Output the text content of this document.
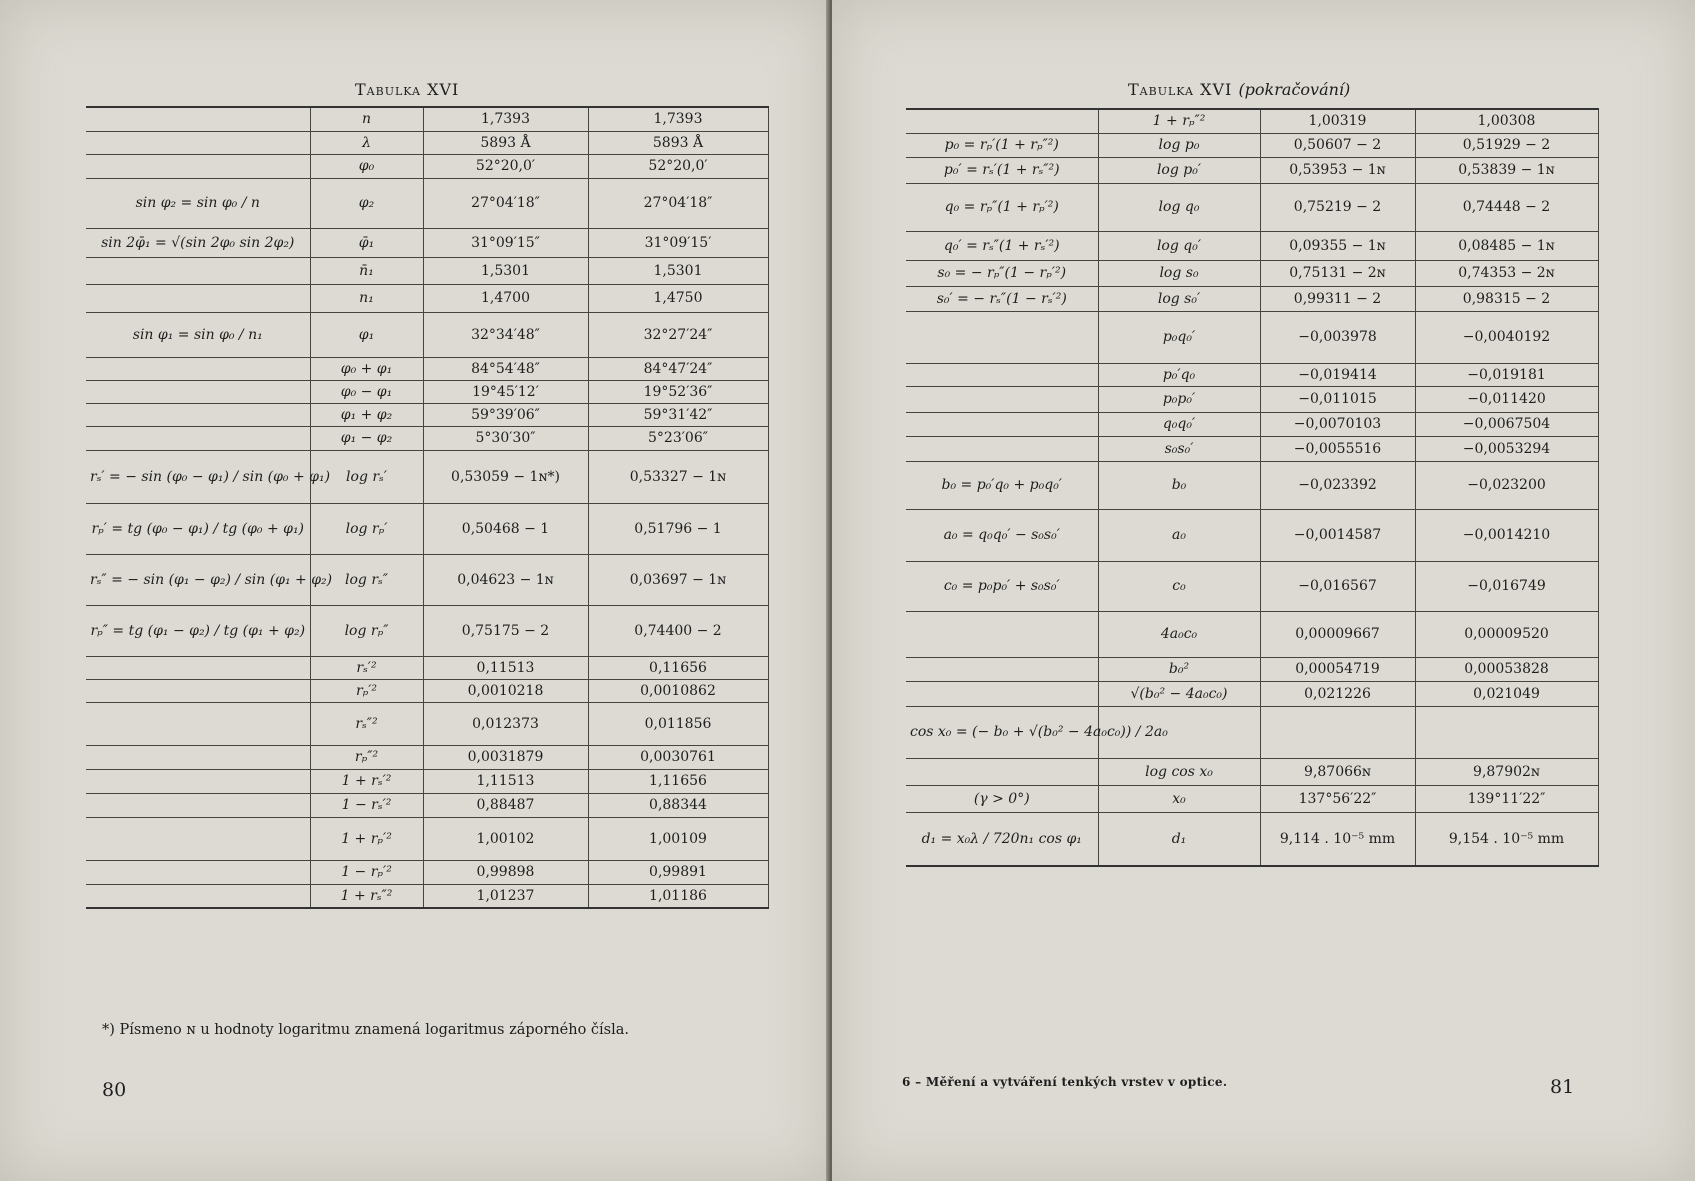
Tabulka XVI
	n	1,7393	1,7393
	λ	5893 Å	5893 Å
	φ₀	52°20,0′	52°20,0′
sin φ₂ = sin φ₀ / n	φ₂	27°04′18″	27°04′18″
sin 2φ̄₁ = √(sin 2φ₀ sin 2φ₂)	φ̄₁	31°09′15″	31°09′15′
	n̄₁	1,5301	1,5301
	n₁	1,4700	1,4750
sin φ₁ = sin φ₀ / n₁	φ₁	32°34′48″	32°27′24″
	φ₀ + φ₁	84°54′48″	84°47′24″
	φ₀ − φ₁	19°45′12′	19°52′36″
	φ₁ + φ₂	59°39′06″	59°31′42″
	φ₁ − φ₂	5°30′30″	5°23′06″
rₛ′ = − sin (φ₀ − φ₁) / sin (φ₀ + φ₁)	log rₛ′	0,53059 − 1ɴ*)	0,53327 − 1ɴ
rₚ′ = tg (φ₀ − φ₁) / tg (φ₀ + φ₁)	log rₚ′	0,50468 − 1	0,51796 − 1
rₛ″ = − sin (φ₁ − φ₂) / sin (φ₁ + φ₂)	log rₛ″	0,04623 − 1ɴ	0,03697 − 1ɴ
rₚ″ = tg (φ₁ − φ₂) / tg (φ₁ + φ₂)	log rₚ″	0,75175 − 2	0,74400 − 2
	rₛ′²	0,11513	0,11656
	rₚ′²	0,0010218	0,0010862
	rₛ″²	0,012373	0,011856
	rₚ″²	0,0031879	0,0030761
	1 + rₛ′²	1,11513	1,11656
	1 − rₛ′²	0,88487	0,88344
	1 + rₚ′²	1,00102	1,00109
	1 − rₚ′²	0,99898	0,99891
	1 + rₛ″²	1,01237	1,01186
*) Písmeno ɴ u hodnoty logaritmu znamená logaritmus záporného čísla.
80
Tabulka XVI (pokračování)
	1 + rₚ″²	1,00319	1,00308
p₀ = rₚ′(1 + rₚ″²)	log p₀	0,50607 − 2	0,51929 − 2
p₀′ = rₛ′(1 + rₛ″²)	log p₀′	0,53953 − 1ɴ	0,53839 − 1ɴ
q₀ = rₚ″(1 + rₚ′²)	log q₀	0,75219 − 2	0,74448 − 2
q₀′ = rₛ″(1 + rₛ′²)	log q₀′	0,09355 − 1ɴ	0,08485 − 1ɴ
s₀ = − rₚ″(1 − rₚ′²)	log s₀	0,75131 − 2ɴ	0,74353 − 2ɴ
s₀′ = − rₛ″(1 − rₛ′²)	log s₀′	0,99311 − 2	0,98315 − 2
	p₀q₀′	−0,003978	−0,0040192
	p₀′q₀	−0,019414	−0,019181
	p₀p₀′	−0,011015	−0,011420
	q₀q₀′	−0,0070103	−0,0067504
	s₀s₀′	−0,0055516	−0,0053294
b₀ = p₀′q₀ + p₀q₀′	b₀	−0,023392	−0,023200
a₀ = q₀q₀′ − s₀s₀′	a₀	−0,0014587	−0,0014210
c₀ = p₀p₀′ + s₀s₀′	c₀	−0,016567	−0,016749
	4a₀c₀	0,00009667	0,00009520
	b₀²	0,00054719	0,00053828
	√(b₀² − 4a₀c₀)	0,021226	0,021049
cos x₀ = (− b₀ + √(b₀² − 4a₀c₀)) / 2a₀			
	log cos x₀	9,87066ɴ	9,87902ɴ
(γ > 0°)	x₀	137°56′22″	139°11′22″
d₁ = x₀λ / 720n₁ cos φ₁	d₁	9,114 . 10⁻⁵ mm	9,154 . 10⁻⁵ mm
6 – Měření a vytváření tenkých vrstev v optice.	81
